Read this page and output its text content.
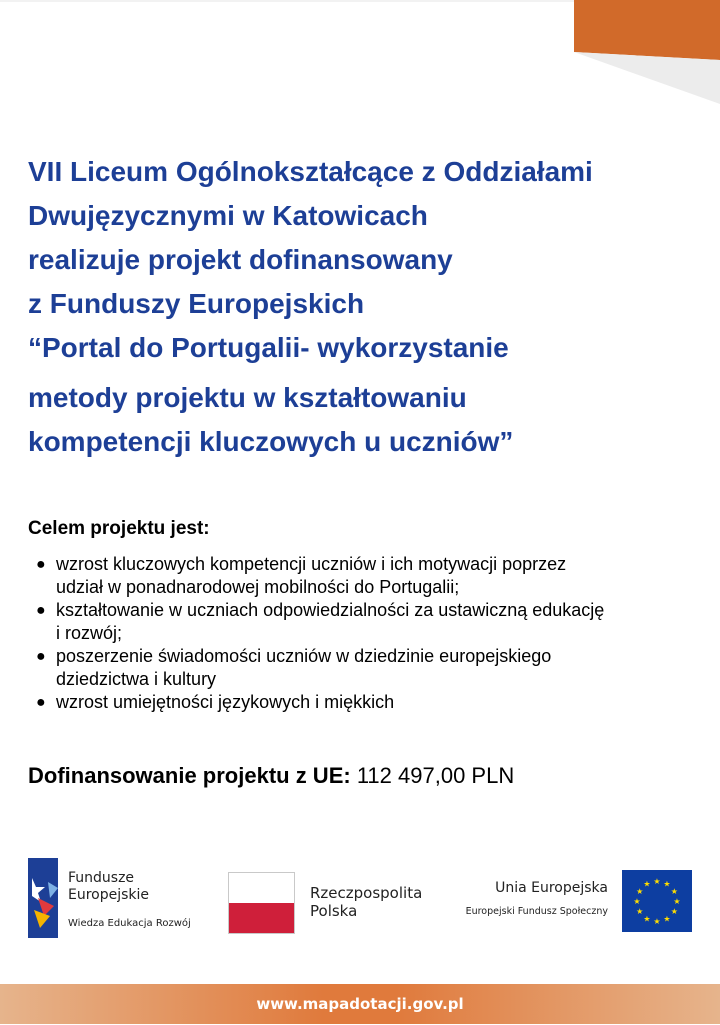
VII Liceum Ogólnokształcące z Oddziałami
Dwujęzycznymi w Katowicach
realizuje projekt dofinansowany
z Funduszy Europejskich
“Portal do Portugalii- wykorzystanie
metody projektu w kształtowaniu
kompetencji kluczowych u uczniów”

Celem projektu jest:

● wzrost kluczowych kompetencji uczniów i ich motywacji poprzez
udział w ponadnarodowej mobilności do Portugalii;
● kształtowanie w uczniach odpowiedzialności za ustawiczną edukację
i rozwój;
● poszerzenie świadomości uczniów w dziedzinie europejskiego
dziedzictwa i kultury
● wzrost umiejętności językowych i miękkich

Dofinansowanie projektu z UE: 112 497,00 PLN

Fundusze
Europejskie
Wiedza Edukacja Rozwój
Rzeczpospolita
Polska
Unia Europejska
Europejski Fundusz Społeczny
★ ★
★
★
★
★
★
★
★
★
★
★
www.mapadotacji.gov.pl
